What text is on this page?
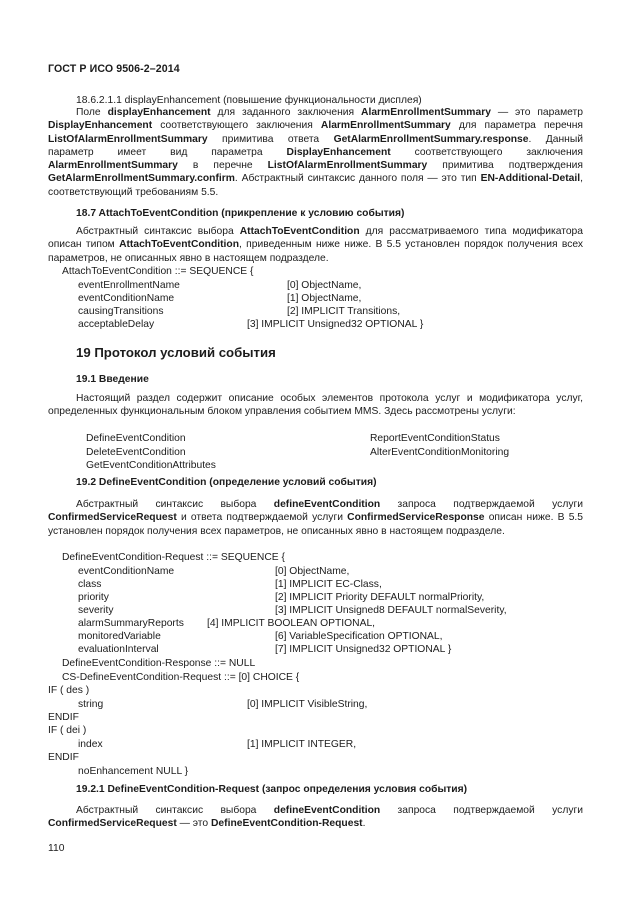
ГОСТ Р ИСО 9506-2–2014
18.6.2.1.1 displayEnhancement (повышение функциональности дисплея)
Поле displayEnhancement для заданного заключения AlarmEnrollmentSummary — это параметр DisplayEnhancement соответствующего заключения AlarmEnrollmentSummary для параметра перечня ListOfAlarmEnrollmentSummary примитива ответа GetAlarmEnrollmentSummary.response. Данный параметр имеет вид параметра DisplayEnhancement соответствующего заключения AlarmEnrollmentSummary в перечне ListOfAlarmEnrollmentSummary примитива подтверждения GetAlarmEnrollmentSummary.confirm. Абстрактный синтаксис данного поля — это тип EN-Additional-Detail, соответствующий требованиям 5.5.
18.7 AttachToEventCondition (прикрепление к условию события)
Абстрактный синтаксис выбора AttachToEventCondition для рассматриваемого типа модификатора описан типом AttachToEventCondition, приведенным ниже ниже. В 5.5 установлен порядок получения всех параметров, не описанных явно в настоящем подразделе.
AttachToEventCondition ::= SEQUENCE {
eventEnrollmentName	[0] ObjectName,
eventConditionName	[1] ObjectName,
causingTransitions	[2] IMPLICIT Transitions,
acceptableDelay	[3] IMPLICIT Unsigned32 OPTIONAL }
19 Протокол условий события
19.1 Введение
Настоящий раздел содержит описание особых элементов протокола услуг и модификатора услуг, определенных функциональным блоком управления событием MMS. Здесь рассмотрены услуги:
DefineEventCondition	ReportEventConditionStatus
DeleteEventCondition	AlterEventConditionMonitoring
GetEventConditionAttributes
19.2 DefineEventCondition (определение условий события)
Абстрактный синтаксис выбора defineEventCondition запроса подтверждаемой услуги ConfirmedServiceRequest и ответа подтверждаемой услуги ConfirmedServiceResponse описан ниже. В 5.5 установлен порядок получения всех параметров, не описанных явно в настоящем подразделе.
DefineEventCondition-Request ::= SEQUENCE {
eventConditionName	[0] ObjectName,
class	[1] IMPLICIT EC-Class,
priority	[2] IMPLICIT Priority DEFAULT normalPriority,
severity	[3] IMPLICIT Unsigned8 DEFAULT normalSeverity,
alarmSummaryReports [4] IMPLICIT BOOLEAN OPTIONAL,
monitoredVariable	[6] VariableSpecification OPTIONAL,
evaluationInterval	[7] IMPLICIT Unsigned32 OPTIONAL }
DefineEventCondition-Response ::= NULL
CS-DefineEventCondition-Request ::= [0] CHOICE {
IF ( des )
string	[0] IMPLICIT VisibleString,
ENDIF
IF ( dei )
index	[1] IMPLICIT INTEGER,
ENDIF
noEnhancement NULL }
19.2.1 DefineEventCondition-Request (запрос определения условия события)
Абстрактный синтаксис выбора defineEventCondition запроса подтверждаемой услуги ConfirmedServiceRequest — это DefineEventCondition-Request.
110
